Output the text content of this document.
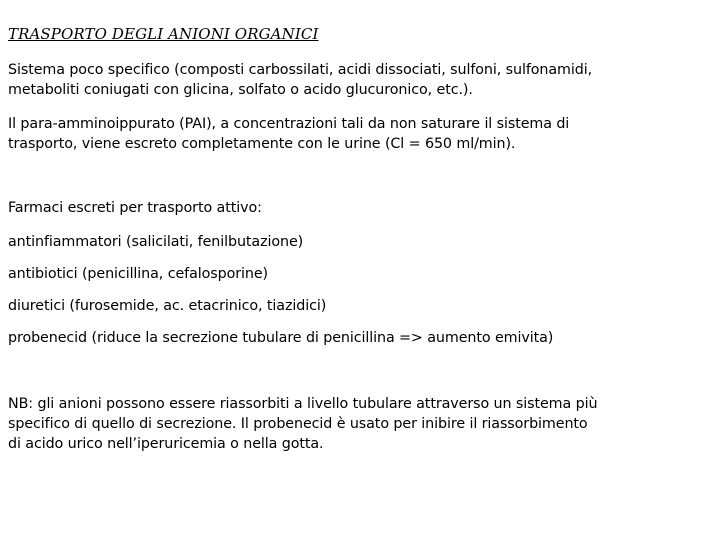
TRASPORTO DEGLI ANIONI ORGANICI

Sistema poco specifico (composti carbossilati, acidi dissociati, sulfoni, sulfonamidi,
metaboliti coniugati con glicina, solfato o acido glucuronico, etc.).

Il para-amminoippurato (PAI), a concentrazioni tali da non saturare il sistema di
trasporto, viene escreto completamente con le urine (Cl = 650 ml/min).

Farmaci escreti per trasporto attivo:

antinfiammatori (salicilati, fenilbutazione)

antibiotici (penicillina, cefalosporine)

diuretici (furosemide, ac. etacrinico, tiazidici)

probenecid (riduce la secrezione tubulare di penicillina => aumento emivita)

NB: gli anioni possono essere riassorbiti a livello tubulare attraverso un sistema più
specifico di quello di secrezione. Il probenecid è usato per inibire il riassorbimento
di acido urico nell’iperuricemia o nella gotta.
